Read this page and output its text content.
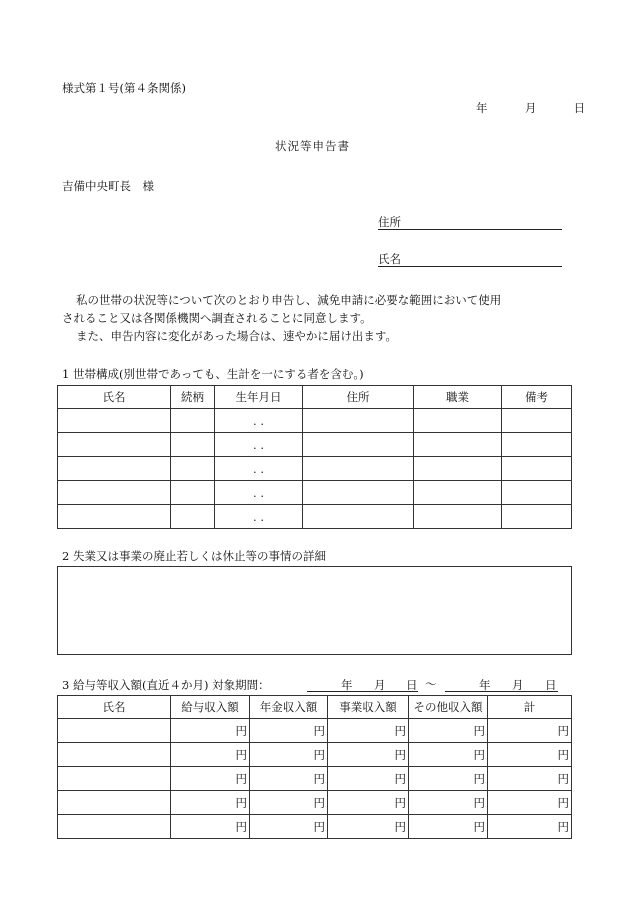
様式第１号(第４条関係)
年	月	日
状況等申告書
吉備中央町長　様
住所
氏名
私の世帯の状況等について次のとおり申告し、減免申請に必要な範囲において使用
されること又は各関係機関へ調査されることに同意します。
また、申告内容に変化があった場合は、速やかに届け出ます。
1 世帯構成(別世帯であっても、生計を一にする者を含む。)
氏名	続柄	生年月日	住所	職業	備考
		. .			
		. .			
		. .			
		. .			
		. .			
2 失業又は事業の廃止若しくは休止等の事情の詳細
3 給与等収入額(直近４か月) 対象期間：	年 月 日 〜	年 月 日
氏名	給与収入額	年金収入額	事業収入額	その他収入額	計
	円	円	円	円	円
	円	円	円	円	円
	円	円	円	円	円
	円	円	円	円	円
	円	円	円	円	円
